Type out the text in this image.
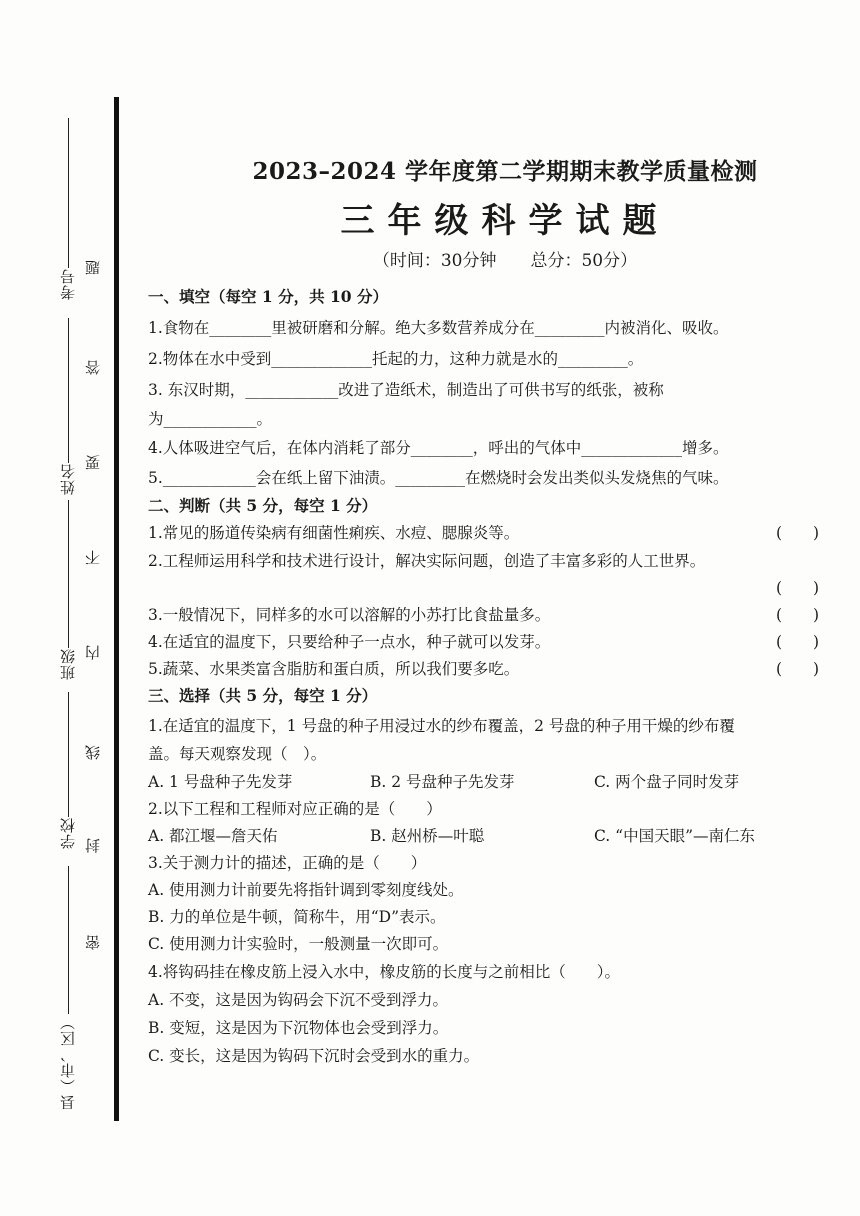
考号
姓名
班级
学校
县（市、区）
题
答
要
不
内
线
封
密
2023–2024 学年度第二学期期末教学质量检测
三年级科学试题
（时间：30分钟　　总分：50分）
一、填空（每空 1 分，共 10 分）
1.食物在________里被研磨和分解。绝大多数营养成分在_________内被消化、吸收。
2.物体在水中受到_____________托起的力，这种力就是水的_________。
3. 东汉时期，____________改进了造纸术，制造出了可供书写的纸张，被称
为____________。
4.人体吸进空气后，在体内消耗了部分________，呼出的气体中_____________增多。
5.____________会在纸上留下油渍。_________在燃烧时会发出类似头发烧焦的气味。
二、判断（共 5 分，每空 1 分）
1.常见的肠道传染病有细菌性痢疾、水痘、腮腺炎等。	(　　)
2.工程师运用科学和技术进行设计，解决实际问题，创造了丰富多彩的人工世界。
(　　)
3.一般情况下，同样多的水可以溶解的小苏打比食盐量多。	(　　)
4.在适宜的温度下，只要给种子一点水，种子就可以发芽。	(　　)
5.蔬菜、水果类富含脂肪和蛋白质，所以我们要多吃。	(　　)
三、选择（共 5 分，每空 1 分）
1.在适宜的温度下，1 号盘的种子用浸过水的纱布覆盖，2 号盘的种子用干燥的纱布覆
盖。每天观察发现（　）。
A. 1 号盘种子先发芽	B. 2 号盘种子先发芽	C. 两个盘子同时发芽
2.以下工程和工程师对应正确的是（　　）
A. 都江堰—詹天佑	B. 赵州桥—叶聪	C. “中国天眼”—南仁东
3.关于测力计的描述，正确的是（　　）
A. 使用测力计前要先将指针调到零刻度线处。
B. 力的单位是牛顿，简称牛，用“D”表示。
C. 使用测力计实验时，一般测量一次即可。
4.将钩码挂在橡皮筋上浸入水中，橡皮筋的长度与之前相比（　　）。
A. 不变，这是因为钩码会下沉不受到浮力。
B. 变短，这是因为下沉物体也会受到浮力。
C. 变长，这是因为钩码下沉时会受到水的重力。
